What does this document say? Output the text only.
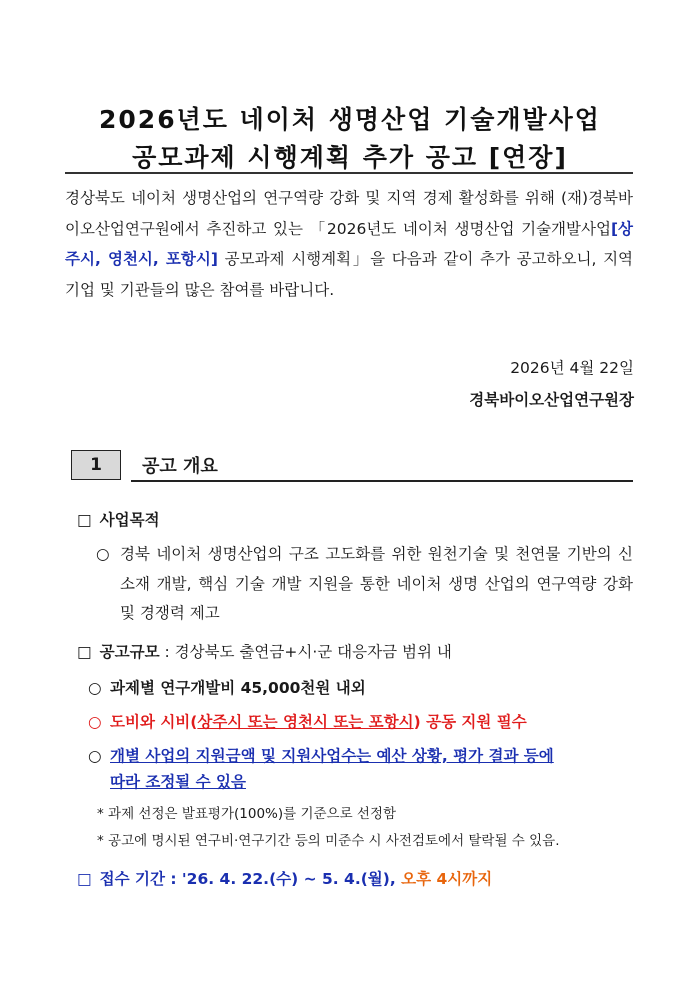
2026년도 네이처 생명산업 기술개발사업
공모과제 시행계획 추가 공고 [연장]
경상북도 네이처 생명산업의 연구역량 강화 및 지역 경제 활성화를 위해 (재)경북바이오산업연구원에서 추진하고 있는 「2026년도 네이처 생명산업 기술개발사업[상주시, 영천시, 포항시] 공모과제 시행계획」을 다음과 같이 추가 공고하오니, 지역 기업 및 기관들의 많은 참여를 바랍니다.
2026년 4월 22일
경북바이오산업연구원장
1	공고 개요
□ 사업목적
○ 경북 네이처 생명산업의 구조 고도화를 위한 원천기술 및 천연물 기반의 신소재 개발, 핵심 기술 개발 지원을 통한 네이처 생명 산업의 연구역량 강화 및 경쟁력 제고
□ 공고규모 : 경상북도 출연금+시·군 대응자금 범위 내
○ 과제별 연구개발비 45,000천원 내외
○ 도비와 시비(상주시 또는 영천시 또는 포항시) 공동 지원 필수
○ 개별 사업의 지원금액 및 지원사업수는 예산 상황, 평가 결과 등에
따라 조정될 수 있음
* 과제 선정은 발표평가(100%)를 기준으로 선정함
* 공고에 명시된 연구비·연구기간 등의 미준수 시 사전검토에서 탈락될 수 있음.
□ 접수 기간 : '26. 4. 22.(수) ~ 5. 4.(월), 오후 4시까지
